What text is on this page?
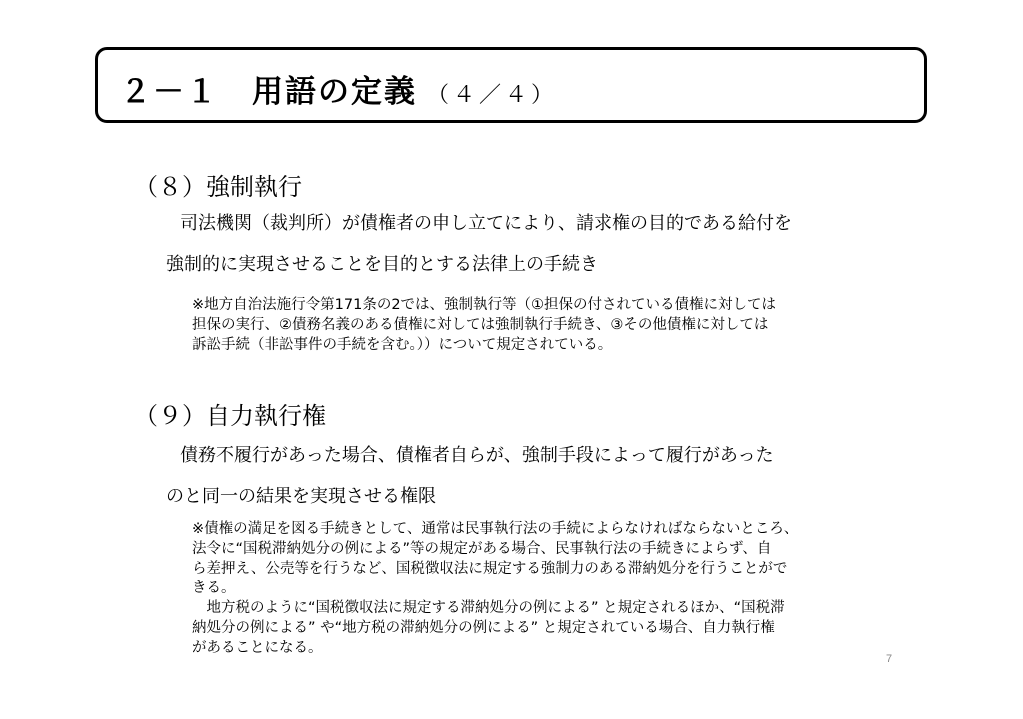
２－１　用語の定義 （４／４）
（８）強制執行
司法機関（裁判所）が債権者の申し立てにより、請求権の目的である給付を
強制的に実現させることを目的とする法律上の手続き
※地方自治法施行令第171条の2では、強制執行等（①担保の付されている債権に対しては
担保の実行、②債務名義のある債権に対しては強制執行手続き、③その他債権に対しては
訴訟手続（非訟事件の手続を含む。））について規定されている。
（９）自力執行権
債務不履行があった場合、債権者自らが、強制手段によって履行があった
のと同一の結果を実現させる権限
※債権の満足を図る手続きとして、通常は民事執行法の手続によらなければならないところ、
法令に“国税滞納処分の例による”等の規定がある場合、民事執行法の手続きによらず、自
ら差押え、公売等を行うなど、国税徴収法に規定する強制力のある滞納処分を行うことがで
きる。
　地方税のように“国税徴収法に規定する滞納処分の例による” と規定されるほか、“国税滞
納処分の例による” や“地方税の滞納処分の例による” と規定されている場合、自力執行権
があることになる。
7
